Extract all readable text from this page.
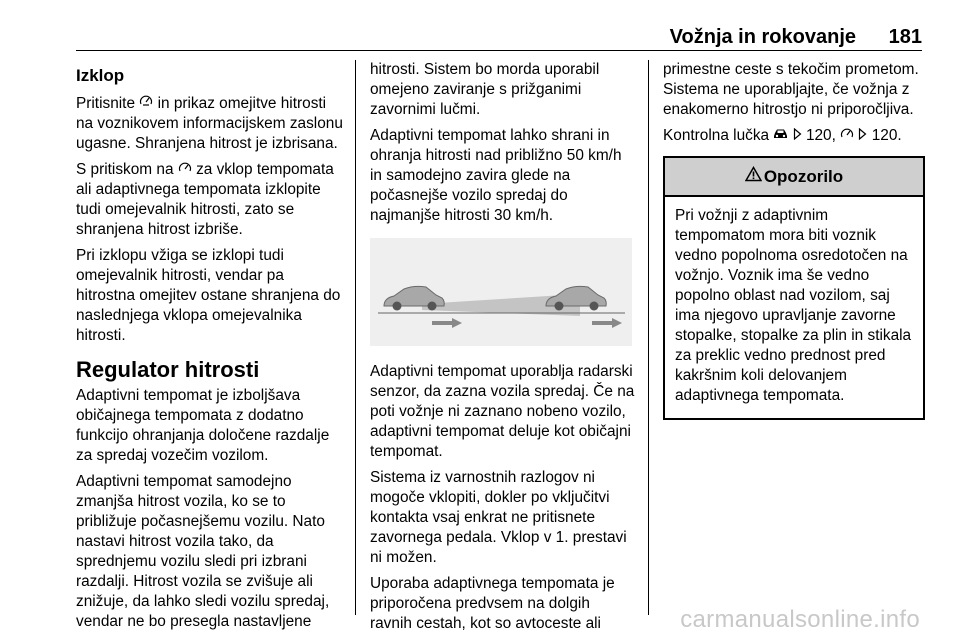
Vožnja in rokovanje 181
Izklop

Pritisnite in prikaz omejitve hitrosti na voznikovem informacijskem zaslonu ugasne. Shranjena hitrost je izbrisana.

S pritiskom na za vklop tempomata ali adaptivnega tempomata izklopite tudi omejevalnik hitrosti, zato se shranjena hitrost izbriše.

Pri izklopu vžiga se izklopi tudi omejevalnik hitrosti, vendar pa hitrostna omejitev ostane shranjena do naslednjega vklopa omejevalnika hitrosti.

Regulator hitrosti

Adaptivni tempomat je izboljšava običajnega tempomata z dodatno funkcijo ohranjanja določene razdalje za spredaj vozečim vozilom.

Adaptivni tempomat samodejno zmanjša hitrost vozila, ko se to približuje počasnejšemu vozilu. Nato nastavi hitrost vozila tako, da sprednjemu vozilu sledi pri izbrani razdalji. Hitrost vozila se zvišuje ali znižuje, da lahko sledi vozilu spredaj, vendar ne bo presegla nastavljene

hitrosti. Sistem bo morda uporabil omejeno zaviranje s prižganimi zavornimi lučmi.

Adaptivni tempomat lahko shrani in ohranja hitrosti nad približno 50 km/h in samodejno zavira glede na počasnejše vozilo spredaj do najmanjše hitrosti 30 km/h.

Adaptivni tempomat uporablja radarski senzor, da zazna vozila spredaj. Če na poti vožnje ni zaznano nobeno vozilo, adaptivni tempomat deluje kot običajni tempomat.

Sistema iz varnostnih razlogov ni mogoče vklopiti, dokler po vključitvi kontakta vsaj enkrat ne pritisnete zavornega pedala. Vklop v 1. prestavi ni možen.

Uporaba adaptivnega tempomata je priporočena predvsem na dolgih ravnih cestah, kot so avtoceste ali

primestne ceste s tekočim prometom. Sistema ne uporabljajte, če vožnja z enakomerno hitrostjo ni priporočljiva.

Kontrolna lučka 120, 120.

Opozorilo
Pri vožnji z adaptivnim tempomatom mora biti voznik vedno popolnoma osredotočen na vožnjo. Voznik ima še vedno popolno oblast nad vozilom, saj ima njegovo upravljanje zavorne stopalke, stopalke za plin in stikala za preklic vedno prednost pred kakršnim koli delovanjem adaptivnega tempomata.
carmanualsonline.info
